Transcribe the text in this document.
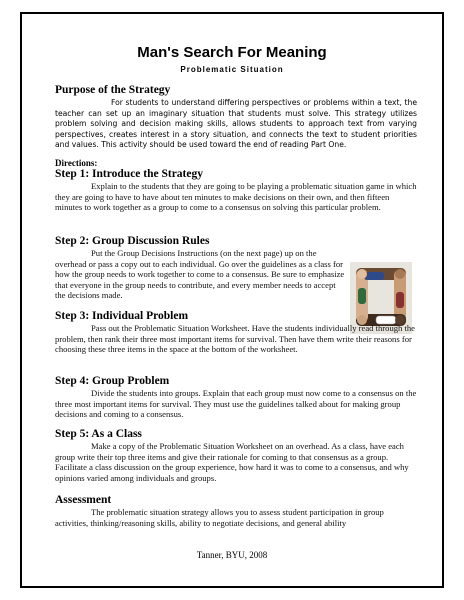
Man's Search For Meaning
Problematic Situation

Purpose of the Strategy

For students to understand differing perspectives or problems within a text, the teacher can set up an imaginary situation that students must solve. This strategy utilizes problem solving and decision making skills, allows students to approach text from varying perspectives, creates interest in a story situation, and connects the text to student priorities and values. This activity should be used toward the end of reading Part One.

Directions:

Step 1: Introduce the Strategy

Explain to the students that they are going to be playing a problematic situation game in which they are going to have to have about ten minutes to make decisions on their own, and then fifteen minutes to work together as a group to come to a consensus on solving this particular problem.

Step 2: Group Discussion Rules

Put the Group Decisions Instructions (on the next page) up on the overhead or pass a copy out to each individual. Go over the guidelines as a class for how the group needs to work together to come to a consensus. Be sure to emphasize that everyone in the group needs to contribute, and every member needs to accept the decisions made.

Step 3: Individual Problem

Pass out the Problematic Situation Worksheet. Have the students individually read through the problem, then rank their three most important items for survival. Then have them write their reasons for choosing these three items in the space at the bottom of the worksheet.

Step 4: Group Problem

Divide the students into groups. Explain that each group must now come to a consensus on the three most important items for survival. They must use the guidelines talked about for making group decisions and coming to a consensus.

Step 5: As a Class

Make a copy of the Problematic Situation Worksheet on an overhead. As a class, have each group write their top three items and give their rationale for coming to that consensus as a group. Facilitate a class discussion on the group experience, how hard it was to come to a consensus, and why opinions varied among individuals and groups.

Assessment

The problematic situation strategy allows you to assess student participation in group activities, thinking/reasoning skills, ability to negotiate decisions, and general ability

Tanner, BYU, 2008
